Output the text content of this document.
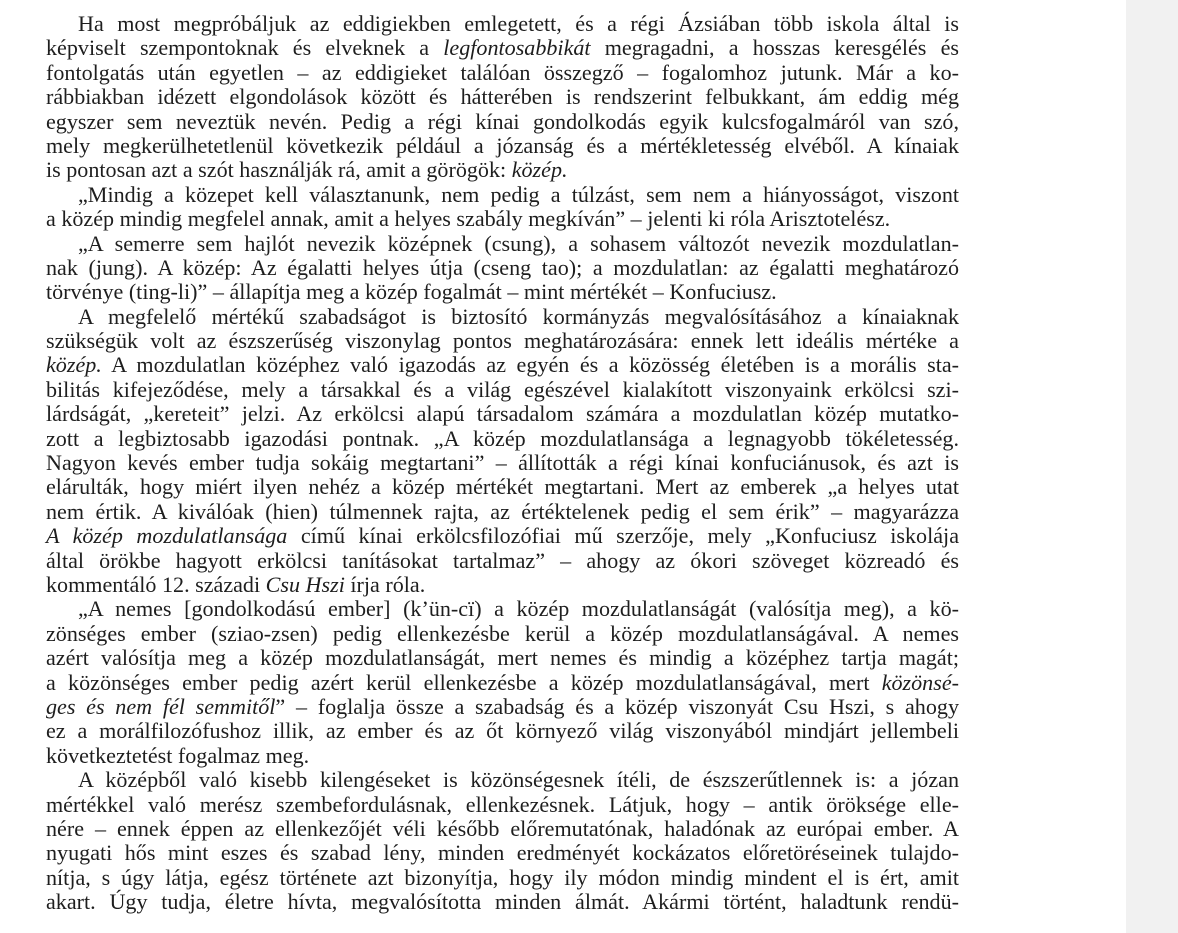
Ha most megpróbáljuk az eddigiekben emlegetett, és a régi Ázsiában több iskola által is
képviselt szempontoknak és elveknek a legfontosabbikát megragadni, a hosszas keresgélés és
fontolgatás után egyetlen – az eddigieket találóan összegző – fogalomhoz jutunk. Már a ko-
rábbiakban idézett elgondolások között és hátterében is rendszerint felbukkant, ám eddig még
egyszer sem neveztük nevén. Pedig a régi kínai gondolkodás egyik kulcsfogalmáról van szó,
mely megkerülhetetlenül következik például a józanság és a mértékletesség elvéből. A kínaiak
is pontosan azt a szót használják rá, amit a görögök: közép.
„Mindig a közepet kell választanunk, nem pedig a túlzást, sem nem a hiányosságot, viszont
a közép mindig megfelel annak, amit a helyes szabály megkíván” – jelenti ki róla Arisztotelész.
„A semerre sem hajlót nevezik középnek (csung), a sohasem változót nevezik mozdulatlan-
nak (jung). A közép: Az égalatti helyes útja (cseng tao); a mozdulatlan: az égalatti meghatározó
törvénye (ting-li)” – állapítja meg a közép fogalmát – mint mértékét – Konfuciusz.
A megfelelő mértékű szabadságot is biztosító kormányzás megvalósításához a kínaiaknak
szükségük volt az észszerűség viszonylag pontos meghatározására: ennek lett ideális mértéke a
közép. A mozdulatlan középhez való igazodás az egyén és a közösség életében is a morális sta-
bilitás kifejeződése, mely a társakkal és a világ egészével kialakított viszonyaink erkölcsi szi-
lárdságát, „kereteit” jelzi. Az erkölcsi alapú társadalom számára a mozdulatlan közép mutatko-
zott a legbiztosabb igazodási pontnak. „A közép mozdulatlansága a legnagyobb tökéletesség.
Nagyon kevés ember tudja sokáig megtartani” – állították a régi kínai konfuciánusok, és azt is
elárulták, hogy miért ilyen nehéz a közép mértékét megtartani. Mert az emberek „a helyes utat
nem értik. A kiválóak (hien) túlmennek rajta, az értéktelenek pedig el sem érik” – magyarázza
A közép mozdulatlansága című kínai erkölcsfilozófiai mű szerzője, mely „Konfuciusz iskolája
által örökbe hagyott erkölcsi tanításokat tartalmaz” – ahogy az ókori szöveget közreadó és
kommentáló 12. századi Csu Hszi írja róla.
„A nemes [gondolkodású ember] (k’ün-cï) a közép mozdulatlanságát (valósítja meg), a kö-
zönséges ember (sziao-zsen) pedig ellenkezésbe kerül a közép mozdulatlanságával. A nemes
azért valósítja meg a közép mozdulatlanságát, mert nemes és mindig a középhez tartja magát;
a közönséges ember pedig azért kerül ellenkezésbe a közép mozdulatlanságával, mert közönsé-
ges és nem fél semmitől” – foglalja össze a szabadság és a közép viszonyát Csu Hszi, s ahogy
ez a morálfilozófushoz illik, az ember és az őt környező világ viszonyából mindjárt jellembeli
következtetést fogalmaz meg.
A középből való kisebb kilengéseket is közönségesnek ítéli, de észszerűtlennek is: a józan
mértékkel való merész szembefordulásnak, ellenkezésnek. Látjuk, hogy – antik öröksége elle-
nére – ennek éppen az ellenkezőjét véli később előremutatónak, haladónak az európai ember. A
nyugati hős mint eszes és szabad lény, minden eredményét kockázatos előretöréseinek tulajdo-
nítja, s úgy látja, egész története azt bizonyítja, hogy ily módon mindig mindent el is ért, amit
akart. Úgy tudja, életre hívta, megvalósította minden álmát. Akármi történt, haladtunk rendü-
